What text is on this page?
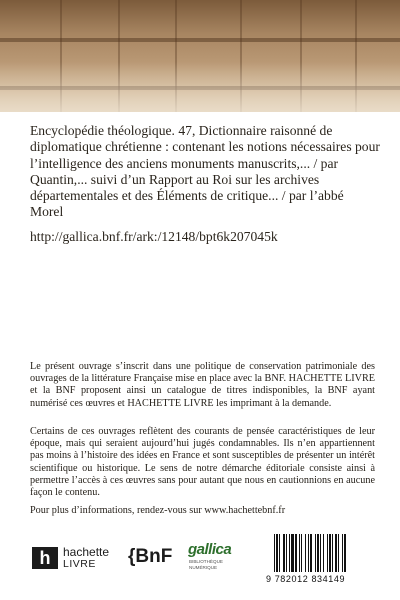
Encyclopédie théologique. 47, Dictionnaire raisonné de diplomatique chrétienne : contenant les notions nécessaires pour l’intelligence des anciens monuments manuscrits,... / par Quantin,... suivi d’un Rapport au Roi sur les archives départementales et des Éléments de critique... / par l’abbé Morel
http://gallica.bnf.fr/ark:/12148/bpt6k207045k
Le présent ouvrage s’inscrit dans une politique de conservation patrimoniale des ouvrages de la littérature Française mise en place avec la BNF. HACHETTE LIVRE et la BNF proposent ainsi un catalogue de titres indisponibles, la BNF ayant numérisé ces œuvres et HACHETTE LIVRE les imprimant à la demande.
Certains de ces ouvrages reflètent des courants de pensée caractéristiques de leur époque, mais qui seraient aujourd’hui jugés condamnables. Ils n’en appartiennent pas moins à l’histoire des idées en France et sont susceptibles de présenter un intérêt scientifique ou historique. Le sens de notre démarche éditoriale consiste ainsi à permettre l’accès à ces œuvres sans pour autant que nous en cautionnions en aucune façon le contenu.
Pour plus d’informations, rendez-vous sur www.hachettebnf.fr
h	hachette
LIVRE {BnF gallica
BIBLIOTHÈQUE NUMÉRIQUE
9 782012 834149
